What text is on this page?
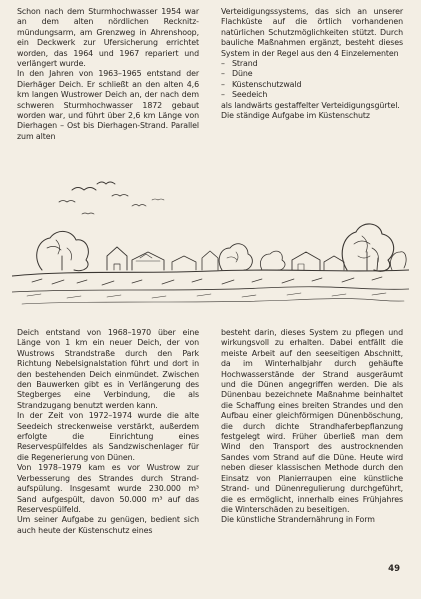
Schon nach dem Sturmhochwasser 1954 war an dem alten nördlichen Recknitzmündungsarm, am Grenzweg in Ahrenshoop, ein Deckwerk zur Ufersicherung errichtet worden, das 1964 und 1967 repariert und verlängert wurde.

In den Jahren von 1963–1965 entstand der Dierhäger Deich. Er schließt an den alten 4,6 km langen Wustrower Deich an, der nach dem schweren Sturmhochwasser 1872 gebaut worden war, und führt über 2,6 km Länge von Dierhagen – Ost bis Dierhagen-Strand. Parallel zum alten

Verteidigungssystems, das sich an unserer Flachküste auf die örtlich vorhandenen natürlichen Schutzmöglichkeiten stützt. Durch bauliche Maßnahmen ergänzt, besteht dieses System in der Regel aus den 4 Einzelementen

– Strand
– Düne
– Küstenschutzwald
– Seedeich

als landwärts gestaffelter Verteidigungsgürtel.

Die ständige Aufgabe im Küstenschutz

Deich entstand von 1968–1970 über eine Länge von 1 km ein neuer Deich, der von Wustrows Strandstraße durch den Park Richtung Nebelsignalstation führt und dort in den bestehenden Deich einmündet. Zwischen den Bauwerken gibt es in Verlängerung des Stegberges eine Verbindung, die als Strandzugang benutzt werden kann.

In der Zeit von 1972–1974 wurde die alte Seedeich streckenweise verstärkt, außerdem erfolgte die Einrichtung eines Reservespülfeldes als Sandzwischenlager für die Regenerierung von Dünen.

Von 1978–1979 kam es vor Wustrow zur Verbesserung des Strandes durch Strandaufspülung. Insgesamt wurde 230.000 m³ Sand aufgespült, davon 50.000 m³ auf das Reservespülfeld.

Um seiner Aufgabe zu genügen, bedient sich auch heute der Küstenschutz eines

besteht darin, dieses System zu pflegen und wirkungsvoll zu erhalten. Dabei entfällt die meiste Arbeit auf den seeseitigen Abschnitt, da im Winterhalbjahr durch gehäufte Hochwasserstände der Strand ausgeräumt und die Dünen angegriffen werden. Die als Dünenbau bezeichnete Maßnahme beinhaltet die Schaffung eines breiten Strandes und den Aufbau einer gleichförmigen Dünenböschung, die durch dichte Strandhaferbepflanzung festgelegt wird. Früher überließ man dem Wind den Transport des austrocknenden Sandes vom Strand auf die Düne. Heute wird neben dieser klassischen Methode durch den Einsatz von Planierraupen eine künstliche Strand- und Dünenregulierung durchgeführt, die es ermöglicht, innerhalb eines Frühjahres die Winterschäden zu beseitigen.

Die künstliche Strandernährung in Form

49
